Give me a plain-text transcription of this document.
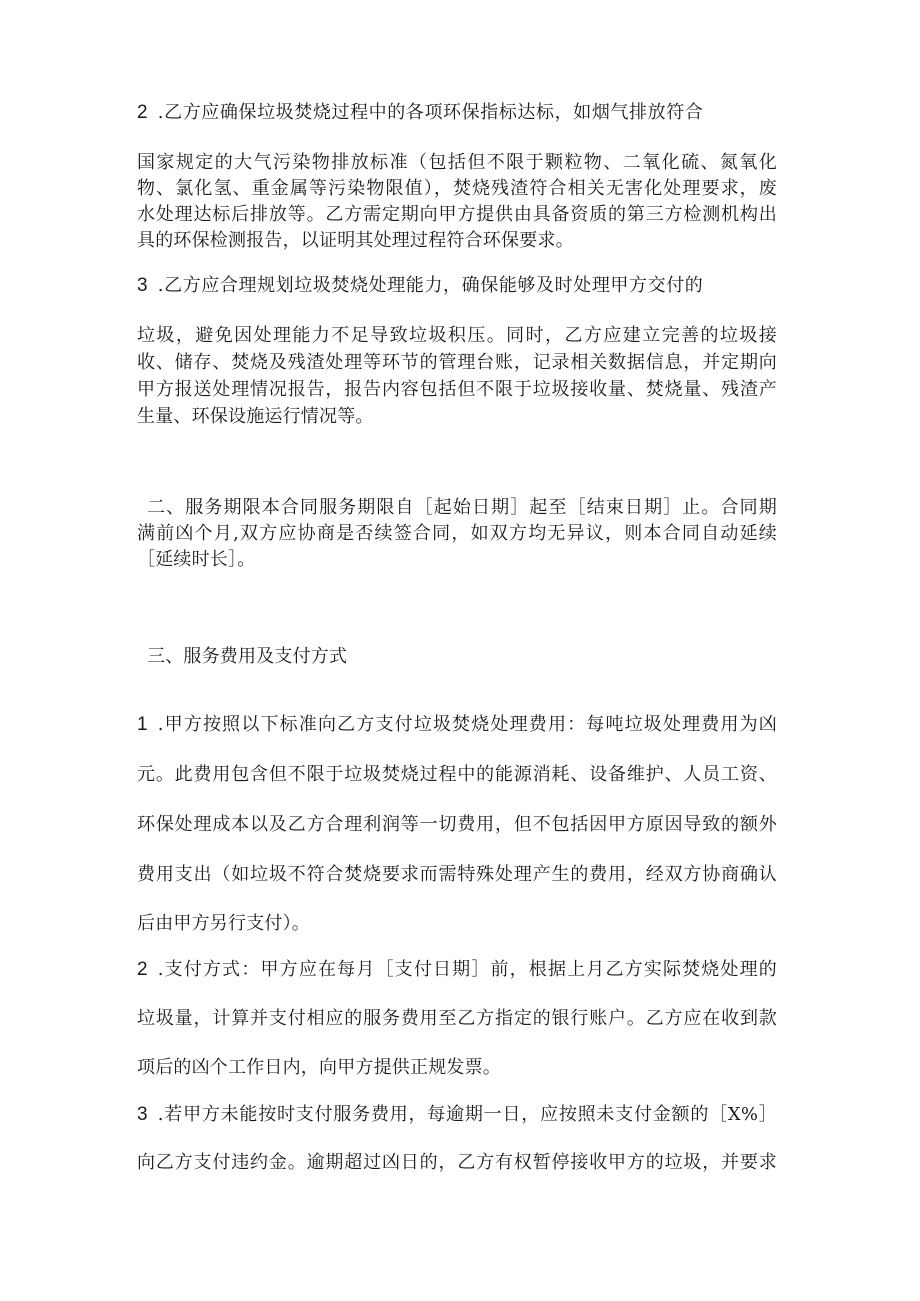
2 .乙方应确保垃圾焚烧过程中的各项环保指标达标，如烟气排放符合
国家规定的大气污染物排放标准（包括但不限于颗粒物、二氧化硫、氮氧化
物、氯化氢、重金属等污染物限值），焚烧残渣符合相关无害化处理要求，废
水处理达标后排放等。乙方需定期向甲方提供由具备资质的第三方检测机构出
具的环保检测报告，以证明其处理过程符合环保要求。
3 .乙方应合理规划垃圾焚烧处理能力，确保能够及时处理甲方交付的
垃圾，避免因处理能力不足导致垃圾积压。同时，乙方应建立完善的垃圾接
收、储存、焚烧及残渣处理等环节的管理台账，记录相关数据信息，并定期向
甲方报送处理情况报告，报告内容包括但不限于垃圾接收量、焚烧量、残渣产
生量、环保设施运行情况等。
二、服务期限本合同服务期限自［起始日期］起至［结束日期］止。合同期
满前凶个月,双方应协商是否续签合同，如双方均无异议，则本合同自动延续
［延续时长］。
三、服务费用及支付方式
1 .甲方按照以下标准向乙方支付垃圾焚烧处理费用：每吨垃圾处理费用为凶
元。此费用包含但不限于垃圾焚烧过程中的能源消耗、设备维护、人员工资、
环保处理成本以及乙方合理利润等一切费用，但不包括因甲方原因导致的额外
费用支出（如垃圾不符合焚烧要求而需特殊处理产生的费用，经双方协商确认
后由甲方另行支付）。
2 .支付方式：甲方应在每月［支付日期］前，根据上月乙方实际焚烧处理的
垃圾量，计算并支付相应的服务费用至乙方指定的银行账户。乙方应在收到款
项后的凶个工作日内，向甲方提供正规发票。
3 .若甲方未能按时支付服务费用，每逾期一日，应按照未支付金额的［X%］
向乙方支付违约金。逾期超过凶日的，乙方有权暂停接收甲方的垃圾，并要求
